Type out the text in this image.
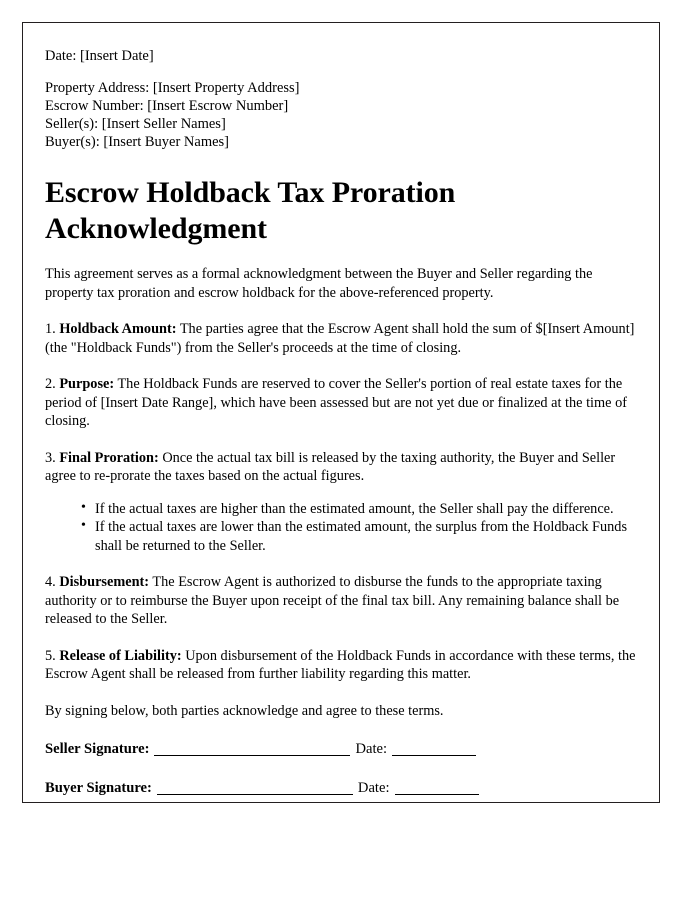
Date: [Insert Date]
Property Address: [Insert Property Address]
Escrow Number: [Insert Escrow Number]
Seller(s): [Insert Seller Names]
Buyer(s): [Insert Buyer Names]
Escrow Holdback Tax Proration Acknowledgment

This agreement serves as a formal acknowledgment between the Buyer and Seller regarding the property tax proration and escrow holdback for the above-referenced property.

1. Holdback Amount: The parties agree that the Escrow Agent shall hold the sum of $[Insert Amount] (the "Holdback Funds") from the Seller's proceeds at the time of closing.

2. Purpose: The Holdback Funds are reserved to cover the Seller's portion of real estate taxes for the period of [Insert Date Range], which have been assessed but are not yet due or finalized at the time of closing.

3. Final Proration: Once the actual tax bill is released by the taxing authority, the Buyer and Seller agree to re-prorate the taxes based on the actual figures.

• If the actual taxes are higher than the estimated amount, the Seller shall pay the difference.
• If the actual taxes are lower than the estimated amount, the surplus from the Holdback Funds shall be returned to the Seller.

4. Disbursement: The Escrow Agent is authorized to disburse the funds to the appropriate taxing authority or to reimburse the Buyer upon receipt of the final tax bill. Any remaining balance shall be released to the Seller.

5. Release of Liability: Upon disbursement of the Holdback Funds in accordance with these terms, the Escrow Agent shall be released from further liability regarding this matter.

By signing below, both parties acknowledge and agree to these terms.

Seller Signature:	Date:
Buyer Signature:	Date:
